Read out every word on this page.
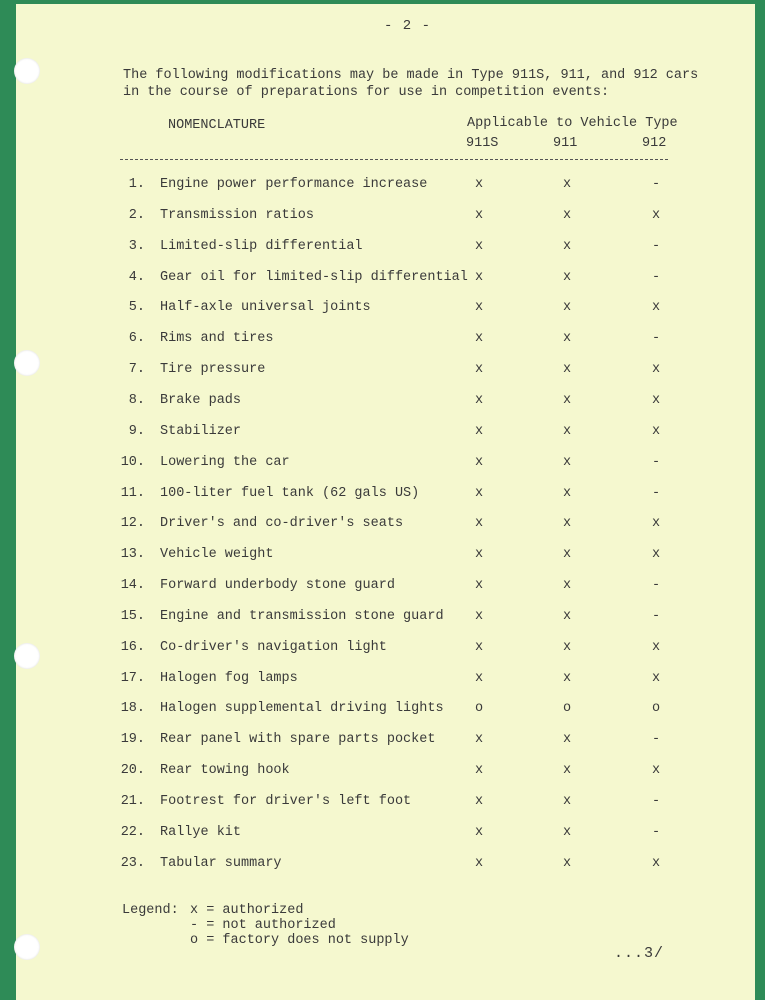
- 2 -
The following modifications may be made in Type 911S, 911, and 912 cars
in the course of preparations for use in competition events:
NOMENCLATURE	Applicable to Vehicle Type
911S	911	912
1. Engine power performance increase	x	x	-
2. Transmission ratios	x	x	x
3. Limited-slip differential	x	x	-
4. Gear oil for limited-slip differential x	x	-
5. Half-axle universal joints	x	x	x
6. Rims and tires	x	x	-
7. Tire pressure	x	x	x
8. Brake pads	x	x	x
9. Stabilizer	x	x	x
10. Lowering the car	x	x	-
11. 100-liter fuel tank (62 gals US)	x	x	-
12. Driver's and co-driver's seats	x	x	x
13. Vehicle weight	x	x	x
14. Forward underbody stone guard	x	x	-
15. Engine and transmission stone guard x	x	-
16. Co-driver's navigation light	x	x	x
17. Halogen fog lamps	x	x	x
18. Halogen supplemental driving lights o	o	o
19. Rear panel with spare parts pocket	x	x	-
20. Rear towing hook	x	x	x
21. Footrest for driver's left foot	x	x	-
22. Rallye kit	x	x	-
23. Tabular summary	x	x	x
Legend: x = authorized
- = not authorized
o = factory does not supply
...3/
